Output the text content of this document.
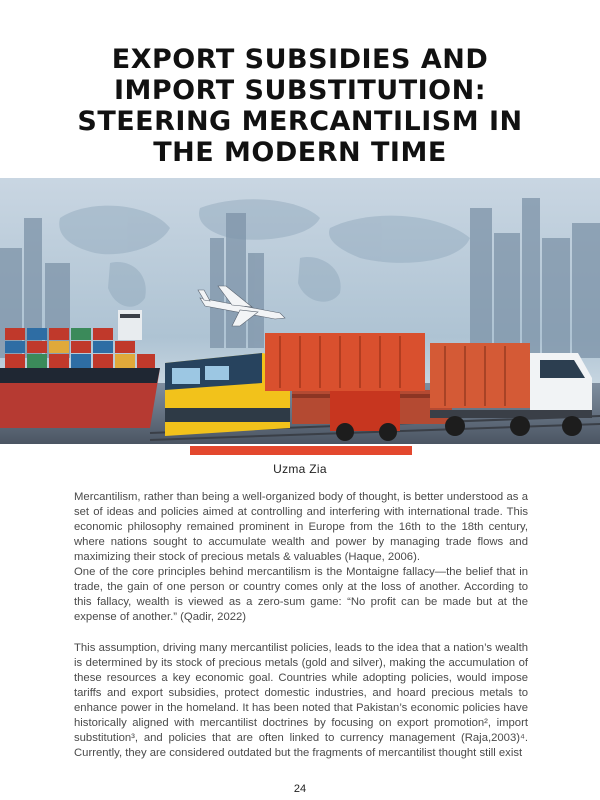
EXPORT SUBSIDIES AND
IMPORT SUBSTITUTION:
STEERING MERCANTILISM IN
THE MODERN TIME
Uzma Zia

Mercantilism, rather than being a well-organized body of thought, is better understood as a set of ideas and policies aimed at controlling and interfering with international trade. This economic philosophy remained prominent in Europe from the 16th to the 18th century, where nations sought to accumulate wealth and power by managing trade flows and maximizing their stock of precious metals & valuables (Haque, 2006).

One of the core principles behind mercantilism is the Montaigne fallacy—the belief that in trade, the gain of one person or country comes only at the loss of another. According to this fallacy, wealth is viewed as a zero-sum game: “No profit can be made but at the expense of another.” (Qadir, 2022)

This assumption, driving many mercantilist policies, leads to the idea that a nation’s wealth is determined by its stock of precious metals (gold and silver), making the accumulation of these resources a key economic goal. Countries while adopting policies, would impose tariffs and export subsidies, protect domestic industries, and hoard precious metals to enhance power in the homeland. It has been noted that Pakistan’s economic policies have historically aligned with mercantilist doctrines by focusing on export promotion², import substitution³, and policies that are often linked to currency management (Raja,2003)⁴. Currently, they are considered outdated but the fragments of mercantilist thought still exist

24
